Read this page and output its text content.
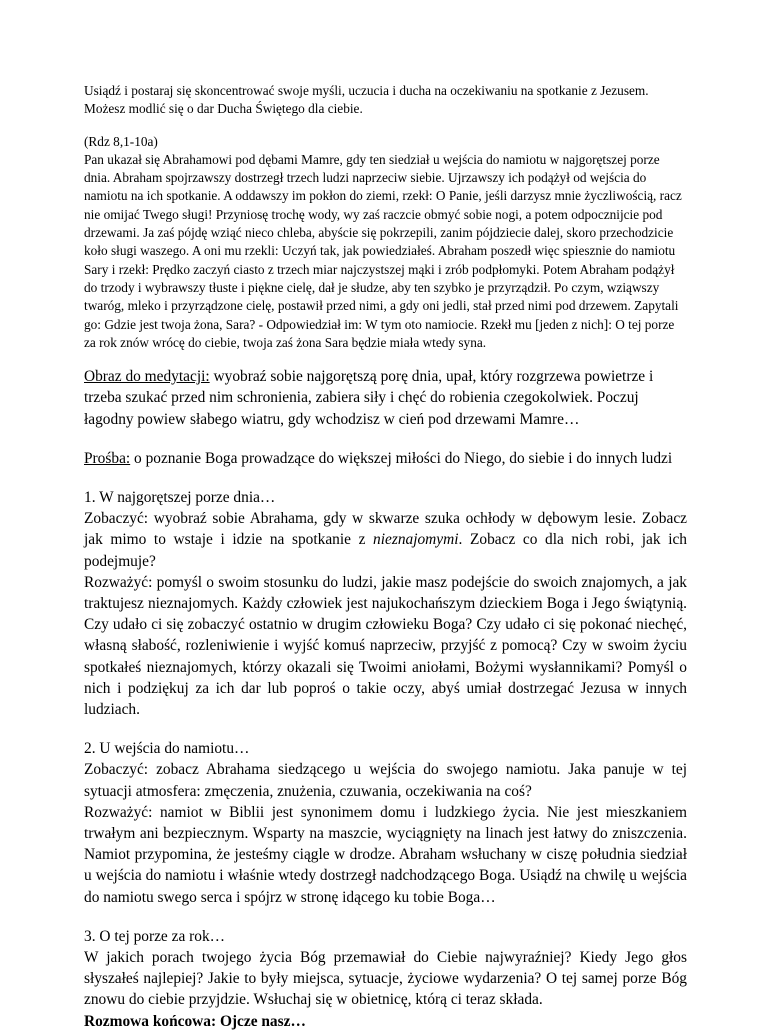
Usiądź i postaraj się skoncentrować swoje myśli, uczucia i ducha na oczekiwaniu na spotkanie z Jezusem. Możesz modlić się o dar Ducha Świętego dla ciebie.

(Rdz 8,1-10a)

Pan ukazał się Abrahamowi pod dębami Mamre, gdy ten siedział u wejścia do namiotu w najgorętszej porze dnia. Abraham spojrzawszy dostrzegł trzech ludzi naprzeciw siebie. Ujrzawszy ich podążył od wejścia do namiotu na ich spotkanie. A oddawszy im pokłon do ziemi, rzekł: O Panie, jeśli darzysz mnie życzliwością, racz nie omijać Twego sługi! Przyniosę trochę wody, wy zaś raczcie obmyć sobie nogi, a potem odpocznijcie pod drzewami. Ja zaś pójdę wziąć nieco chleba, abyście się pokrzepili, zanim pójdziecie dalej, skoro przechodzicie koło sługi waszego. A oni mu rzekli: Uczyń tak, jak powiedziałeś. Abraham poszedł więc spiesznie do namiotu Sary i rzekł: Prędko zaczyń ciasto z trzech miar najczystszej mąki i zrób podpłomyki. Potem Abraham podążył do trzody i wybrawszy tłuste i piękne cielę, dał je słudze, aby ten szybko je przyrządził. Po czym, wziąwszy twaróg, mleko i przyrządzone cielę, postawił przed nimi, a gdy oni jedli, stał przed nimi pod drzewem. Zapytali go: Gdzie jest twoja żona, Sara? - Odpowiedział im: W tym oto namiocie. Rzekł mu [jeden z nich]: O tej porze za rok znów wrócę do ciebie, twoja zaś żona Sara będzie miała wtedy syna.

Obraz do medytacji: wyobraź sobie najgorętszą porę dnia, upał, który rozgrzewa powietrze i trzeba szukać przed nim schronienia, zabiera siły i chęć do robienia czegokolwiek. Poczuj łagodny powiew słabego wiatru, gdy wchodzisz w cień pod drzewami Mamre…

Prośba: o poznanie Boga prowadzące do większej miłości do Niego, do siebie i do innych ludzi

1. W najgorętszej porze dnia…

Zobaczyć: wyobraź sobie Abrahama, gdy w skwarze szuka ochłody w dębowym lesie. Zobacz jak mimo to wstaje i idzie na spotkanie z nieznajomymi. Zobacz co dla nich robi, jak ich podejmuje?

Rozważyć: pomyśl o swoim stosunku do ludzi, jakie masz podejście do swoich znajomych, a jak traktujesz nieznajomych. Każdy człowiek jest najukochańszym dzieckiem Boga i Jego świątynią. Czy udało ci się zobaczyć ostatnio w drugim człowieku Boga? Czy udało ci się pokonać niechęć, własną słabość, rozleniwienie i wyjść komuś naprzeciw, przyjść z pomocą? Czy w swoim życiu spotkałeś nieznajomych, którzy okazali się Twoimi aniołami, Bożymi wysłannikami? Pomyśl o nich i podziękuj za ich dar lub poproś o takie oczy, abyś umiał dostrzegać Jezusa w innych ludziach.

2. U wejścia do namiotu…

Zobaczyć: zobacz Abrahama siedzącego u wejścia do swojego namiotu. Jaka panuje w tej sytuacji atmosfera: zmęczenia, znużenia, czuwania, oczekiwania na coś?

Rozważyć: namiot w Biblii jest synonimem domu i ludzkiego życia. Nie jest mieszkaniem trwałym ani bezpiecznym. Wsparty na maszcie, wyciągnięty na linach jest łatwy do zniszczenia. Namiot przypomina, że jesteśmy ciągle w drodze. Abraham wsłuchany w ciszę południa siedział u wejścia do namiotu i właśnie wtedy dostrzegł nadchodzącego Boga. Usiądź na chwilę u wejścia do namiotu swego serca i spójrz w stronę idącego ku tobie Boga…

3. O tej porze za rok…

W jakich porach twojego życia Bóg przemawiał do Ciebie najwyraźniej? Kiedy Jego głos słyszałeś najlepiej? Jakie to były miejsca, sytuacje, życiowe wydarzenia? O tej samej porze Bóg znowu do ciebie przyjdzie. Wsłuchaj się w obietnicę, którą ci teraz składa.

Rozmowa końcowa: Ojcze nasz…
